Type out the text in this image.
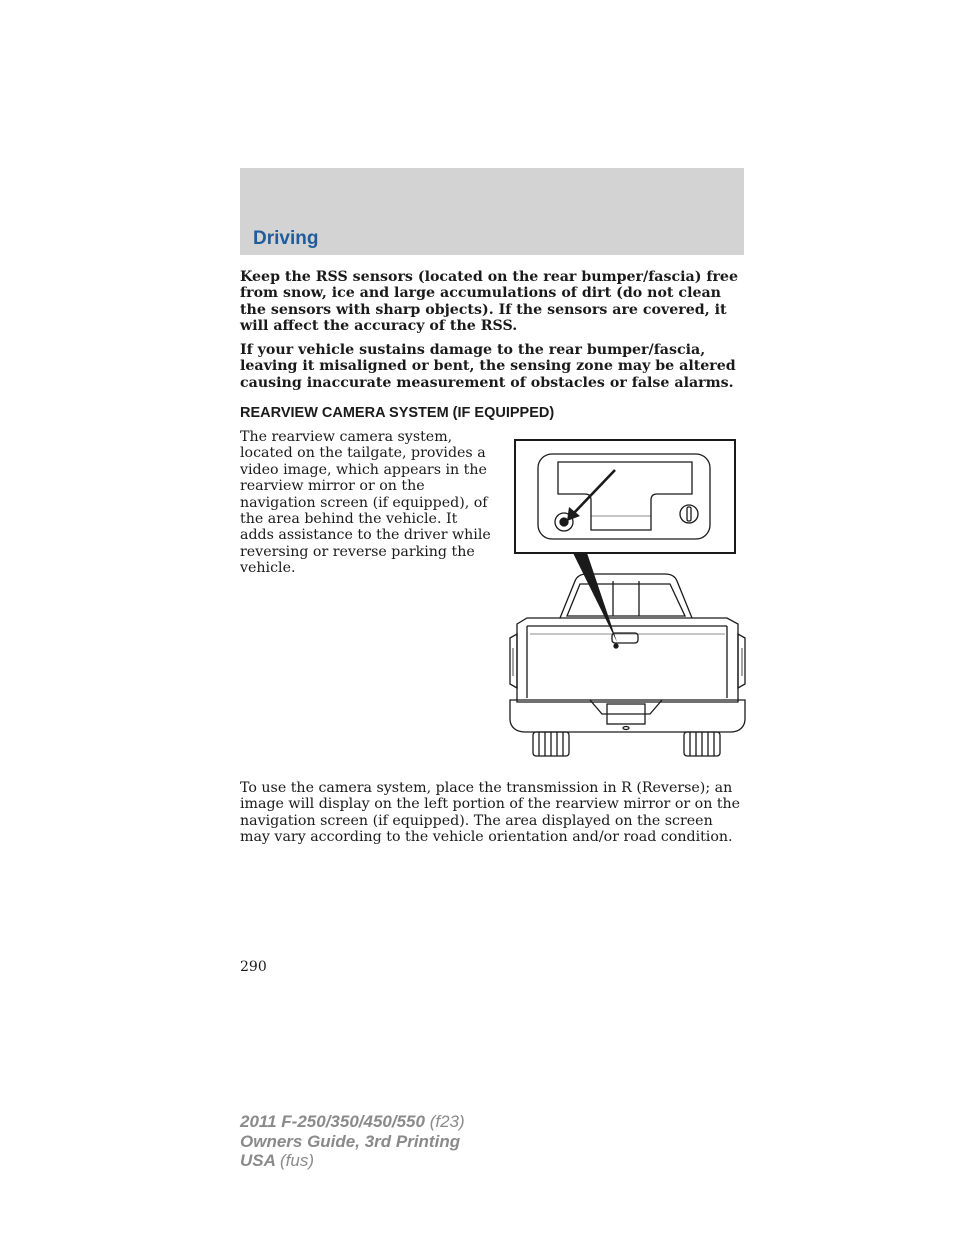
Driving

Keep the RSS sensors (located on the rear bumper/fascia) free from snow, ice and large accumulations of dirt (do not clean the sensors with sharp objects). If the sensors are covered, it will affect the accuracy of the RSS.

If your vehicle sustains damage to the rear bumper/fascia, leaving it misaligned or bent, the sensing zone may be altered causing inaccurate measurement of obstacles or false alarms.

REARVIEW CAMERA SYSTEM (IF EQUIPPED)

The rearview camera system, located on the tailgate, provides a video image, which appears in the rearview mirror or on the navigation screen (if equipped), of the area behind the vehicle. It adds assistance to the driver while reversing or reverse parking the vehicle.

To use the camera system, place the transmission in R (Reverse); an image will display on the left portion of the rearview mirror or on the navigation screen (if equipped). The area displayed on the screen may vary according to the vehicle orientation and/or road condition.

290
2011 F-250/350/450/550 (f23)
Owners Guide, 3rd Printing
USA (fus)
